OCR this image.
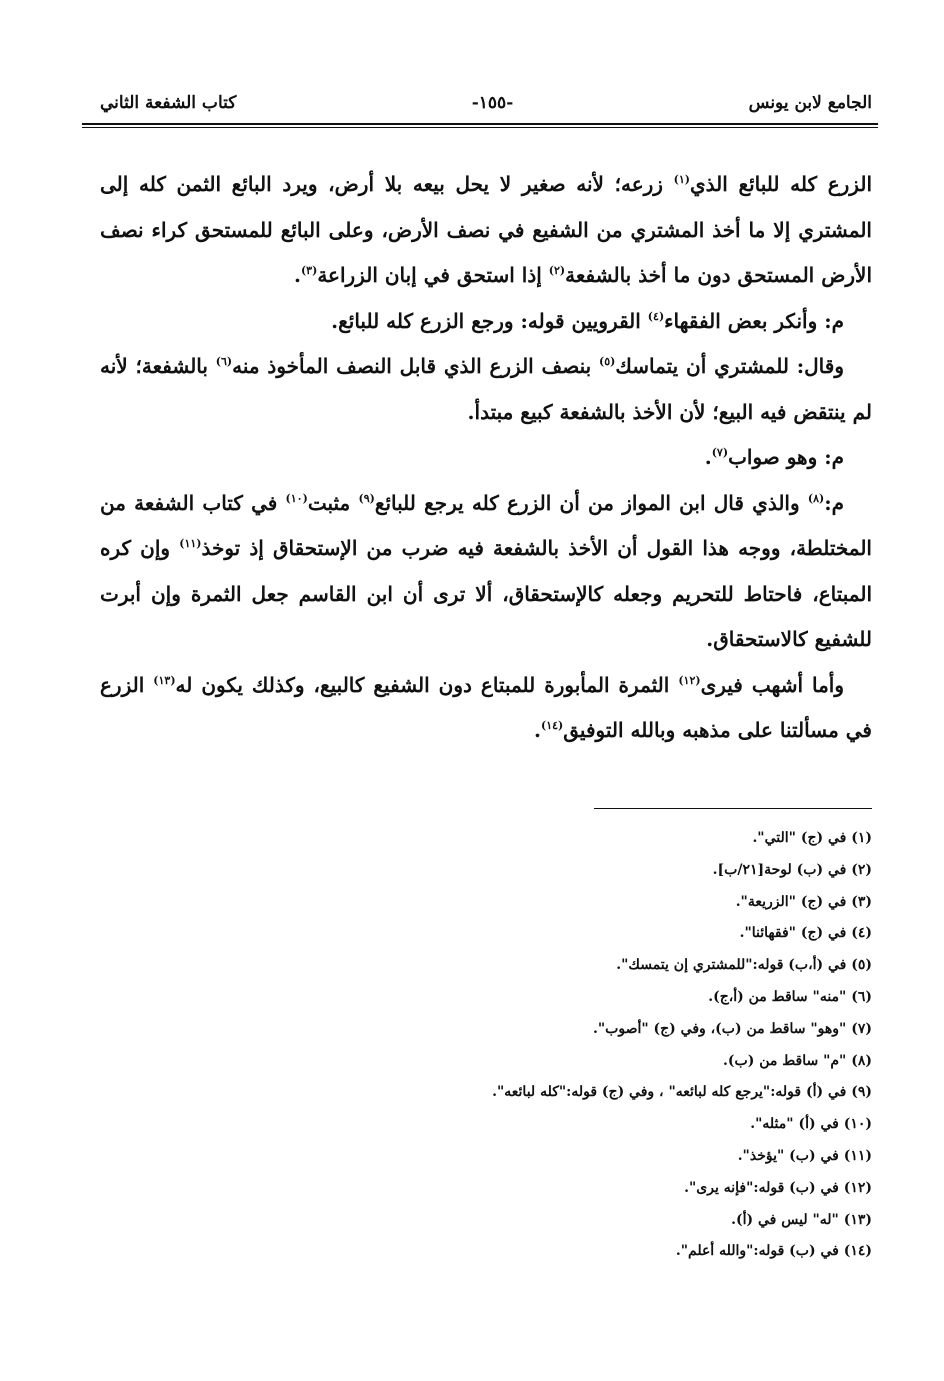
الجامع لابن يونس
-١٥٥-
كتاب الشفعة الثاني

الزرع كله للبائع الذي$^{(١)}$ زرعه؛ لأنه صغير لا يحل بيعه بلا أرض، ويرد البائع الثمن كله إلى المشتري إلا ما أخذ المشتري من الشفيع في نصف الأرض، وعلى البائع للمستحق كراء نصف الأرض المستحق دون ما أخذ بالشفعة$^{(٢)}$ إذا استحق في إبان الزراعة$^{(٣)}$.

م: وأنكر بعض الفقهاء$^{(٤)}$ القرويين قوله: ورجع الزرع كله للبائع.

وقال: للمشتري أن يتماسك$^{(٥)}$ بنصف الزرع الذي قابل النصف المأخوذ منه$^{(٦)}$ بالشفعة؛ لأنه لم ينتقض فيه البيع؛ لأن الأخذ بالشفعة كبيع مبتدأ.

م: وهو صواب$^{(٧)}$.

م:$^{(٨)}$ والذي قال ابن المواز من أن الزرع كله يرجع للبائع$^{(٩)}$ مثبت$^{(١٠)}$ في كتاب الشفعة من المختلطة، ووجه هذا القول أن الأخذ بالشفعة فيه ضرب من الإستحقاق إذ توخذ$^{(١١)}$ وإن كره المبتاع، فاحتاط للتحريم وجعله كالإستحقاق، ألا ترى أن ابن القاسم جعل الثمرة وإن أبرت للشفيع كالاستحقاق.

وأما أشهب فيرى$^{(١٢)}$ الثمرة المأبورة للمبتاع دون الشفيع كالبيع، وكذلك يكون له$^{(١٣)}$ الزرع في مسألتنا على مذهبه وبالله التوفيق$^{(١٤)}$.

(١) في (ج) "التي".
(٢) في (ب) لوحة[٢١/ب].
(٣) في (ج) "الزريعة".
(٤) في (ج) "فقهائنا".
(٥) في (أ،ب) قوله:"للمشتري إن يتمسك".
(٦) "منه" ساقط من (أ،ج).
(٧) "وهو" ساقط من (ب)، وفي (ج) "أصوب".
(٨) "م" ساقط من (ب).
(٩) في (أ) قوله:"يرجع كله لبائعه" ، وفي (ج) قوله:"كله لبائعه".
(١٠) في (أ) "مثله".
(١١) في (ب) "يؤخذ".
(١٢) في (ب) قوله:"فإنه يرى".
(١٣) "له" ليس في (أ).
(١٤) في (ب) قوله:"والله أعلم".
